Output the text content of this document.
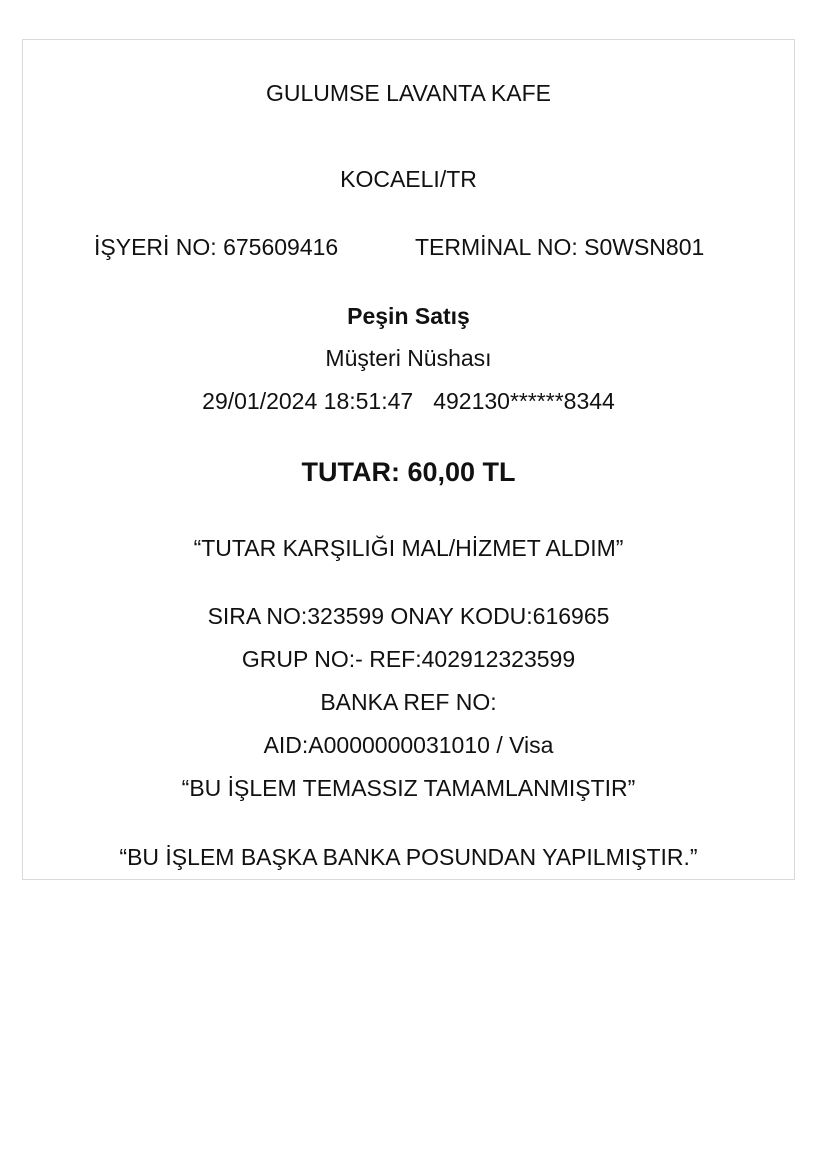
GULUMSE LAVANTA KAFE
KOCAELI/TR
İŞYERİ NO: 675609416	TERMİNAL NO: S0WSN801
Peşin Satış
Müşteri Nüshası
29/01/2024 18:51:47 492130******8344
TUTAR: 60,00 TL
“TUTAR KARŞILIĞI MAL/HİZMET ALDIM”
SIRA NO:323599 ONAY KODU:616965
GRUP NO:- REF:402912323599
BANKA REF NO:
AID:A0000000031010 / Visa
“BU İŞLEM TEMASSIZ TAMAMLANMIŞTIR”
“BU İŞLEM BAŞKA BANKA POSUNDAN YAPILMIŞTIR.”
